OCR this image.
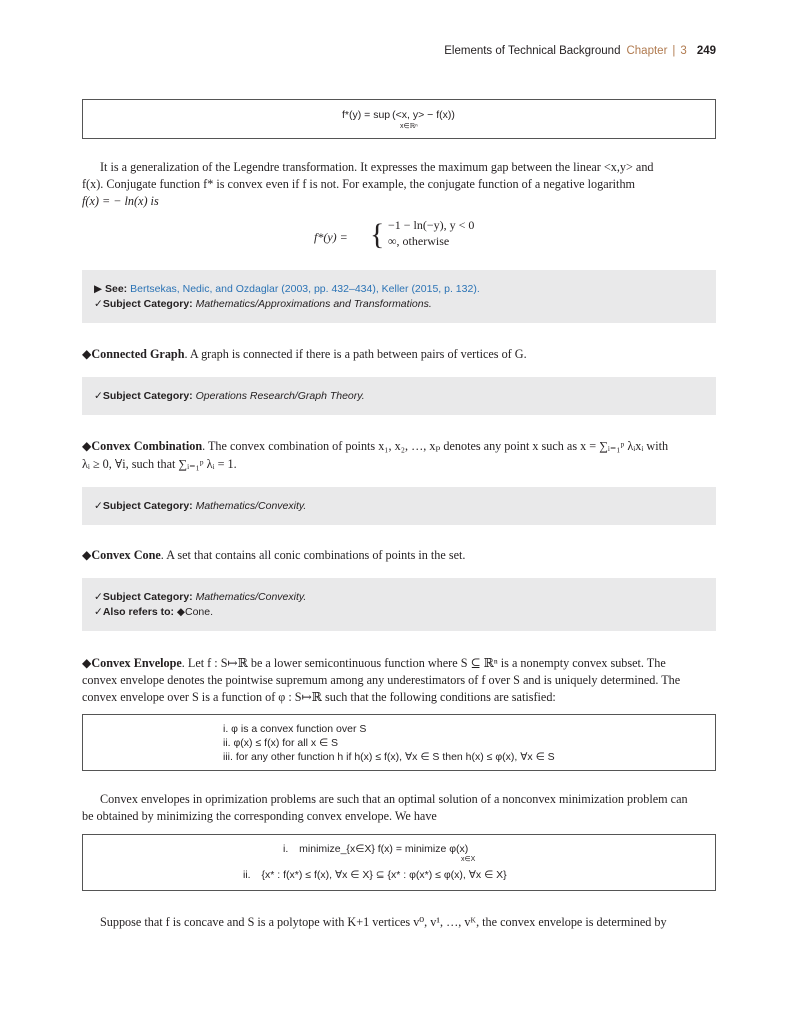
Elements of Technical Background Chapter | 3 249
f*(y) = sup (<x, y> − f(x))
x∈ℝⁿ
It is a generalization of the Legendre transformation. It expresses the maximum gap between the linear <x,y> and
f(x). Conjugate function f* is convex even if f is not. For example, the conjugate function of a negative logarithm
f(x) = − ln(x) is
f*(y) = { −1 − ln(−y), y < 0
∞, otherwise
▶ See: Bertsekas, Nedic, and Ozdaglar (2003, pp. 432–434), Keller (2015, p. 132).
✓Subject Category: Mathematics/Approximations and Transformations.
◆Connected Graph. A graph is connected if there is a path between pairs of vertices of G.
✓Subject Category: Operations Research/Graph Theory.
◆Convex Combination. The convex combination of points x₁, x₂, …, xₚ denotes any point x such as x = ∑ᵢ₌₁ᵖ λᵢxᵢ with
λᵢ ≥ 0, ∀i, such that ∑ᵢ₌₁ᵖ λᵢ = 1.
✓Subject Category: Mathematics/Convexity.
◆Convex Cone. A set that contains all conic combinations of points in the set.
✓Subject Category: Mathematics/Convexity.
✓Also refers to: ◆Cone.
◆Convex Envelope. Let f : S↦ℝ be a lower semicontinuous function where S ⊆ ℝⁿ is a nonempty convex subset. The
convex envelope denotes the pointwise supremum among any underestimators of f over S and is uniquely determined. The
convex envelope over S is a function of φ : S↦ℝ such that the following conditions are satisfied:
i. φ is a convex function over S
ii. φ(x) ≤ f(x) for all x ∈ S
iii. for any other function h if h(x) ≤ f(x), ∀x ∈ S then h(x) ≤ φ(x), ∀x ∈ S
Convex envelopes in oprimization problems are such that an optimal solution of a nonconvex minimization problem can
be obtained by minimizing the corresponding convex envelope. We have
i. minimize_{x∈X} f(x) = minimize φ(x)
x∈X
ii. {x* : f(x*) ≤ f(x), ∀x ∈ X} ⊆ {x* : φ(x*) ≤ φ(x), ∀x ∈ X}
Suppose that f is concave and S is a polytope with K+1 vertices v⁰, v¹, …, vᴷ, the convex envelope is determined by
